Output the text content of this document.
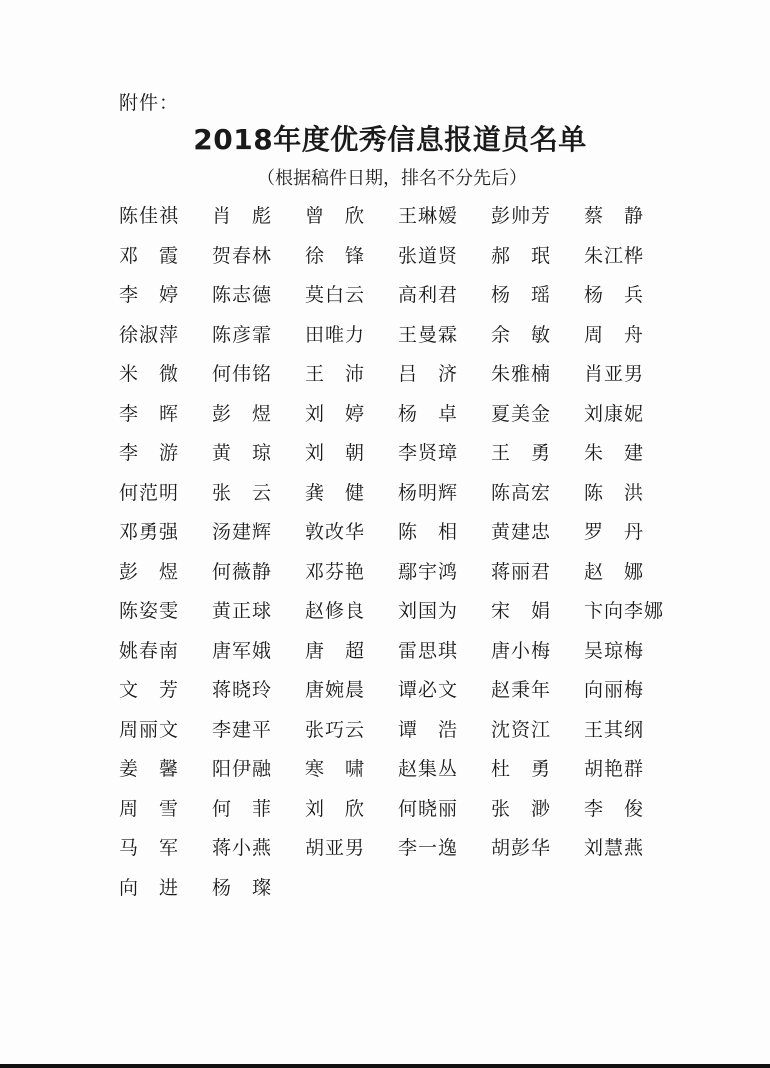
附件：
2018年度优秀信息报道员名单
（根据稿件日期，排名不分先后）
陈佳祺	肖　彪	曾　欣	王琳嫒	彭帅芳	蔡　静
邓　霞	贺春林	徐　锋	张道贤	郝　珉	朱江桦
李　婷	陈志德	莫白云	高利君	杨　瑶	杨　兵
徐淑萍	陈彦霏	田唯力	王曼霖	余　敏	周　舟
米　微	何伟铭	王　沛	吕　济	朱雅楠	肖亚男
李　晖	彭　煜	刘　婷	杨　卓	夏美金	刘康妮
李　游	黄　琼	刘　朝	李贤璋	王　勇	朱　建
何范明	张　云	龚　健	杨明辉	陈高宏	陈　洪
邓勇强	汤建辉	敦改华	陈　相	黄建忠	罗　丹
彭　煜	何薇静	邓芬艳	鄢宇鸿	蒋丽君	赵　娜
陈姿雯	黄正球	赵修良	刘国为	宋　娟	卞向李娜
姚春南	唐军娥	唐　超	雷思琪	唐小梅	吴琼梅
文　芳	蒋晓玲	唐婉晨	谭必文	赵秉年	向丽梅
周丽文	李建平	张巧云	谭　浩	沈资江	王其纲
姜　馨	阳伊融	寒　啸	赵集丛	杜　勇	胡艳群
周　雪	何　菲	刘　欣	何晓丽	张　渺	李　俊
马　军	蒋小燕	胡亚男	李一逸	胡彭华	刘慧燕
向　进	杨　璨
